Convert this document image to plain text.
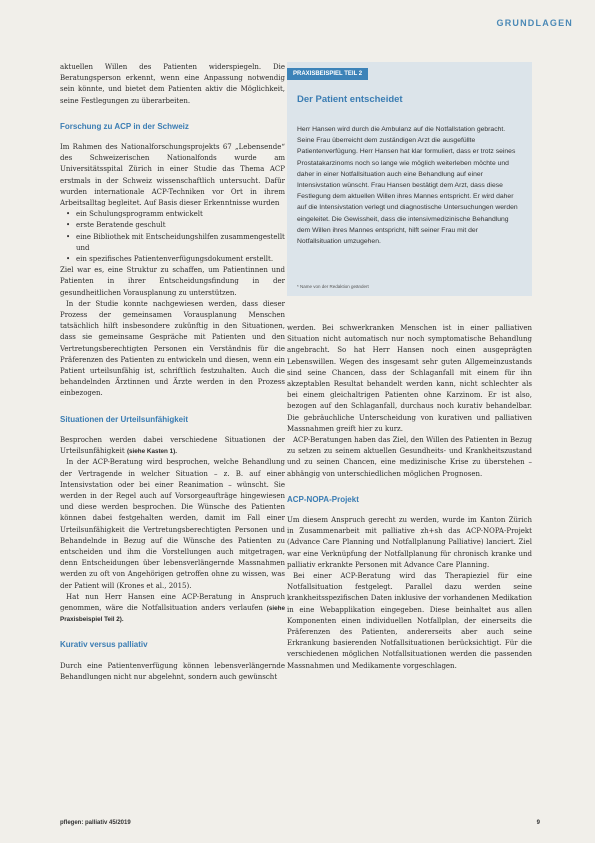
GRUNDLAGEN

aktuellen Willen des Patienten widerspiegeln. Die Beratungsperson erkennt, wenn eine Anpassung notwendig sein könnte, und bietet dem Patienten aktiv die Möglichkeit, seine Festlegungen zu überarbeiten.

Forschung zu ACP in der Schweiz

Im Rahmen des Nationalforschungsprojekts 67 „Lebensende“ des Schweizerischen Nationalfonds wurde am Universitätsspital Zürich in einer Studie das Thema ACP erstmals in der Schweiz wissenschaftlich untersucht. Dafür wurden internationale ACP-Techniken vor Ort in ihrem Arbeitsalltag begleitet. Auf Basis dieser Erkenntnisse wurden

• ein Schulungsprogramm entwickelt
• erste Beratende geschult
• eine Bibliothek mit Entscheidungshilfen zusammengestellt und
• ein spezifisches Patientenverfügungsdokument erstellt.

Ziel war es, eine Struktur zu schaffen, um Patientinnen und Patienten in ihrer Entscheidungsfindung in der gesundheitlichen Vorausplanung zu unterstützen.

In der Studie konnte nachgewiesen werden, dass dieser Prozess der gemeinsamen Vorausplanung Menschen tatsächlich hilft insbesondere zukünftig in den Situationen, dass sie gemeinsame Gespräche mit Patienten und den Vertretungsberechtigten Personen ein Verständnis für die Präferenzen des Patienten zu entwickeln und diesen, wenn ein Patient urteilsunfähig ist, schriftlich festzuhalten. Auch die behandelnden Ärztinnen und Ärzte werden in den Prozess einbezogen.

Situationen der Urteilsunfähigkeit

Besprochen werden dabei verschiedene Situationen der Urteilsunfähigkeit (siehe Kasten 1).

In der ACP-Beratung wird besprochen, welche Behandlung der Vertragende in welcher Situation – z. B. auf einer Intensivstation oder bei einer Reanimation – wünscht. Sie werden in der Regel auch auf Vorsorgeaufträge hingewiesen und diese werden besprochen. Die Wünsche des Patienten können dabei festgehalten werden, damit im Fall einer Urteilsunfähigkeit die Vertretungsberechtigten Personen und Behandelnde in Bezug auf die Wünsche des Patienten zu entscheiden und ihm die Vorstellungen auch mitgetragen, denn Entscheidungen über lebensverlängernde Massnahmen werden zu oft von Angehörigen getroffen ohne zu wissen, was der Patient will (Krones et al., 2015).

Hat nun Herr Hansen eine ACP-Beratung in Anspruch genommen, wäre die Notfallsituation anders verlaufen (siehe Praxisbeispiel Teil 2).

Kurativ versus palliativ

Durch eine Patientenverfügung können lebensverlängernde Behandlungen nicht nur abgelehnt, sondern auch gewünscht

PRAXISBEISPIEL TEIL 2
Der Patient entscheidet
Herr Hansen wird durch die Ambulanz auf die Notfallstation gebracht. Seine Frau überreicht dem zuständigen Arzt die ausgefüllte Patientenverfügung. Herr Hansen hat klar formuliert, dass er trotz seines Prostatakarzinoms noch so lange wie möglich weiterleben möchte und daher in einer Notfallsituation auch eine Behandlung auf einer Intensivstation wünscht. Frau Hansen bestätigt dem Arzt, dass diese Festlegung dem aktuellen Willen ihres Mannes entspricht. Er wird daher auf die Intensivstation verlegt und diagnostische Untersuchungen werden eingeleitet. Die Gewissheit, dass die intensivmedizinische Behandlung dem Willen ihres Mannes entspricht, hilft seiner Frau mit der Notfallsituation umzugehen.
* Name von der Redaktion geändert

werden. Bei schwerkranken Menschen ist in einer palliativen Situation nicht automatisch nur noch symptomatische Behandlung angebracht. So hat Herr Hansen noch einen ausgeprägten Lebenswillen. Wegen des insgesamt sehr guten Allgemeinzustands sind seine Chancen, dass der Schlaganfall mit einem für ihn akzeptablen Resultat behandelt werden kann, nicht schlechter als bei einem gleichaltrigen Patienten ohne Karzinom. Er ist also, bezogen auf den Schlaganfall, durchaus noch kurativ behandelbar. Die gebräuchliche Unterscheidung von kurativen und palliativen Massnahmen greift hier zu kurz.

ACP-Beratungen haben das Ziel, den Willen des Patienten in Bezug zu setzen zu seinem aktuellen Gesundheits- und Krankheitszustand und zu seinen Chancen, eine medizinische Krise zu überstehen – abhängig von unterschiedlichen möglichen Prognosen.

ACP-NOPA-Projekt

Um diesem Anspruch gerecht zu werden, wurde im Kanton Zürich in Zusammenarbeit mit palliative zh+sh das ACP-NOPA-Projekt (Advance Care Planning und Notfallplanung Palliative) lanciert. Ziel war eine Verknüpfung der Notfallplanung für chronisch kranke und palliativ erkrankte Personen mit Advance Care Planning.

Bei einer ACP-Beratung wird das Therapieziel für eine Notfallsituation festgelegt. Parallel dazu werden seine krankheitsspezifischen Daten inklusive der vorhandenen Medikation in eine Webapplikation eingegeben. Diese beinhaltet aus allen Komponenten einen individuellen Notfallplan, der einerseits die Präferenzen des Patienten, andererseits aber auch seine Erkrankung basierenden Notfallsituationen berücksichtigt. Für die verschiedenen möglichen Notfallsituationen werden die passenden Massnahmen und Medikamente vorgeschlagen.

pflegen: palliativ 45/2019	9
